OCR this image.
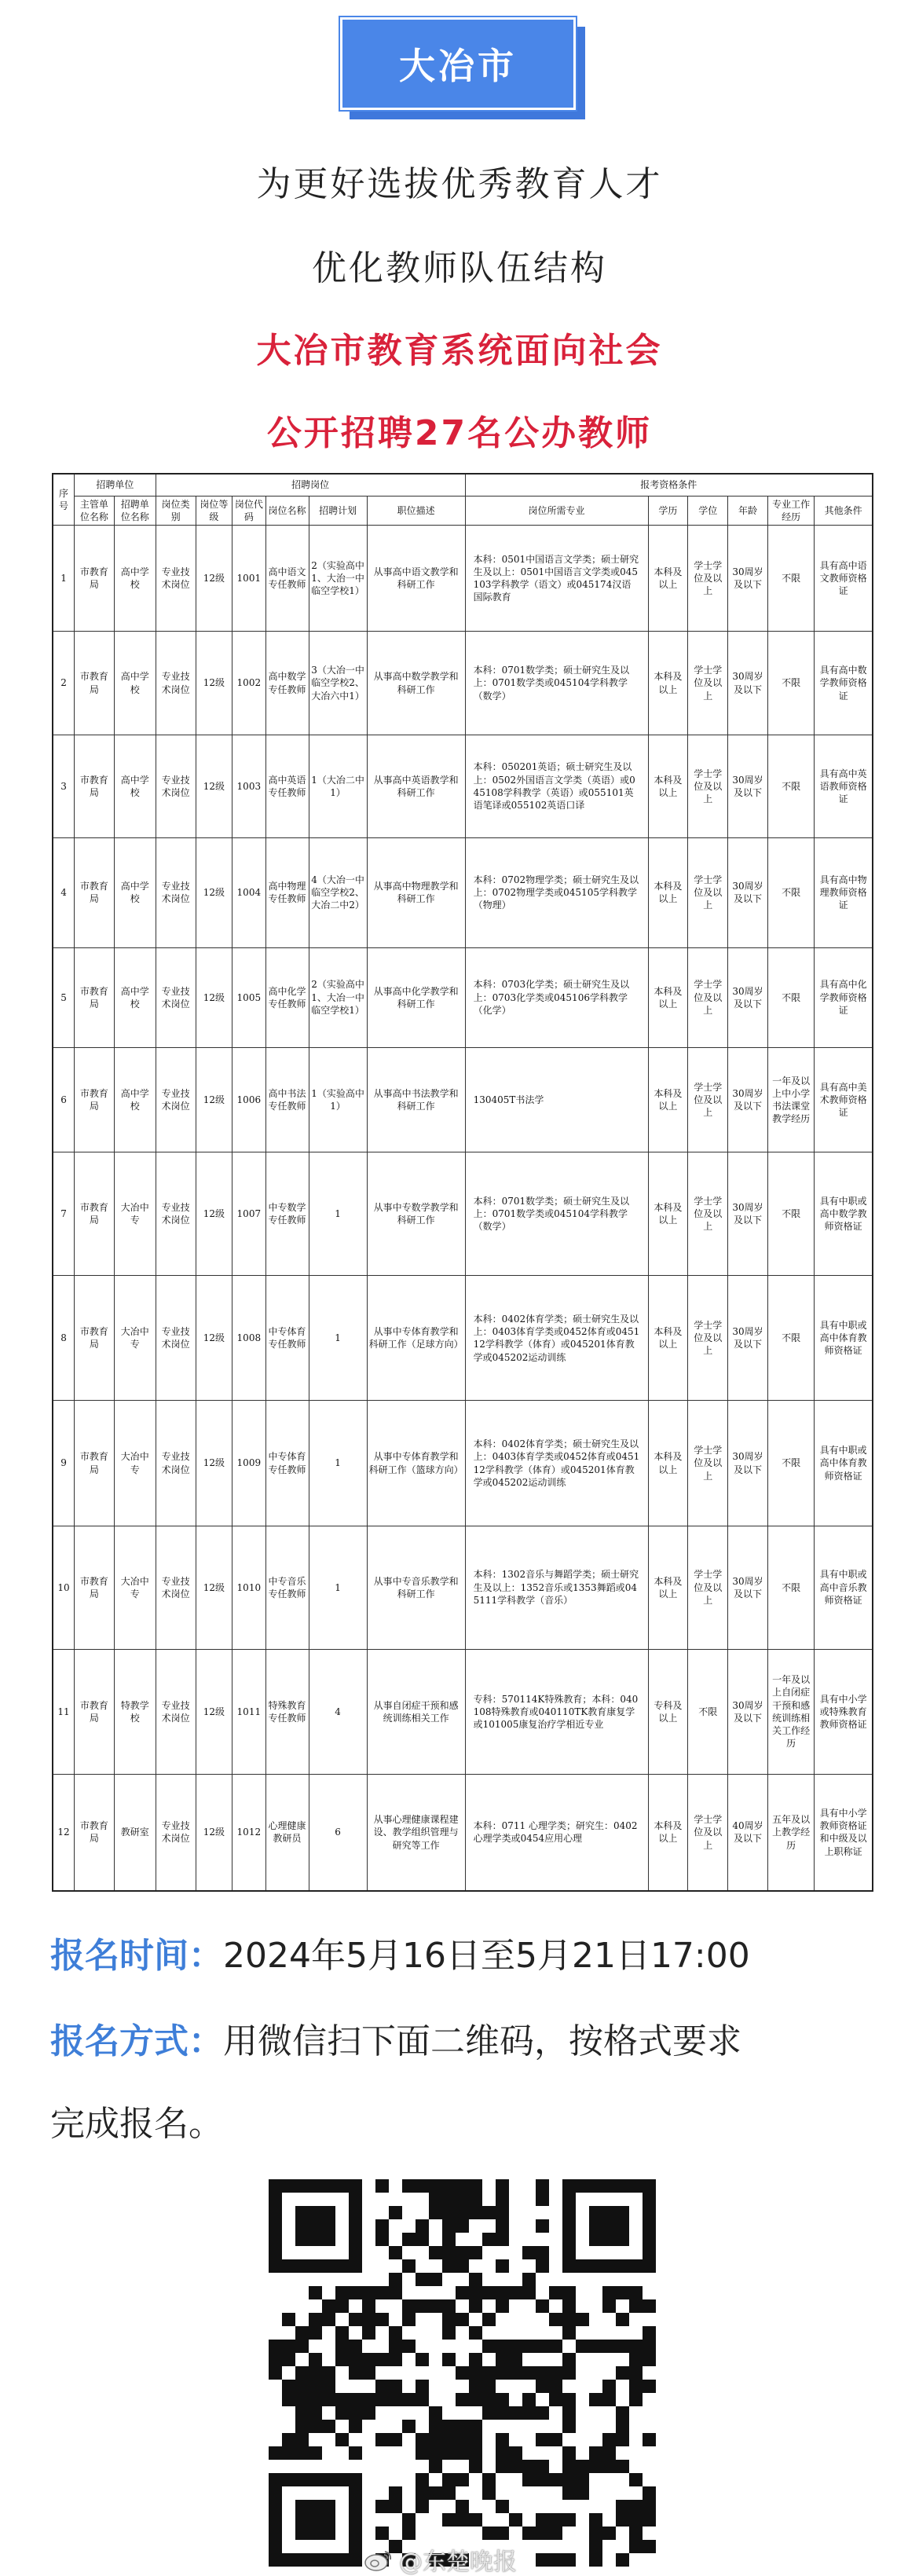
大冶市
为更好选拔优秀教育人才
优化教师队伍结构
大冶市教育系统面向社会
公开招聘27名公办教师
序号	招聘单位		招聘岗位						报考资格条件					
	主管单位名称	招聘单位名称	岗位类别	岗位等级	岗位代码	岗位名称	招聘计划	职位描述	岗位所需专业	学历	学位	年龄	专业工作经历	其他条件
1	市教育局	高中学校	专业技术岗位	12级	1001	高中语文专任教师	2（实验高中1、大治一中临空学校1）	从事高中语文教学和科研工作	本科：0501中国语言文学类；硕士研究生及以上：0501中国语言文学类或045103学科教学（语文）或045174汉语国际教育	本科及以上	学士学位及以上	30周岁及以下	不限	具有高中语文教师资格证
2	市教育局	高中学校	专业技术岗位	12级	1002	高中数学专任教师	3（大冶一中临空学校2、大冶六中1）	从事高中数学教学和科研工作	本科：0701数学类；硕士研究生及以上：0701数学类或045104学科教学（数学）	本科及以上	学士学位及以上	30周岁及以下	不限	具有高中数学教师资格证
3	市教育局	高中学校	专业技术岗位	12级	1003	高中英语专任教师	1（大冶二中1）	从事高中英语教学和科研工作	本科：050201英语；硕士研究生及以上：0502外国语言文学类（英语）或045108学科教学（英语）或055101英语笔译或055102英语口译	本科及以上	学士学位及以上	30周岁及以下	不限	具有高中英语教师资格证
4	市教育局	高中学校	专业技术岗位	12级	1004	高中物理专任教师	4（大冶一中临空学校2、大冶二中2）	从事高中物理教学和科研工作	本科：0702物理学类；硕士研究生及以上：0702物理学类或045105学科教学（物理）	本科及以上	学士学位及以上	30周岁及以下	不限	具有高中物理教师资格证
5	市教育局	高中学校	专业技术岗位	12级	1005	高中化学专任教师	2（实验高中1、大冶一中临空学校1）	从事高中化学教学和科研工作	本科：0703化学类；硕士研究生及以上：0703化学类或045106学科教学（化学）	本科及以上	学士学位及以上	30周岁及以下	不限	具有高中化学教师资格证
6	市教育局	高中学校	专业技术岗位	12级	1006	高中书法专任教师	1（实验高中1）	从事高中书法教学和科研工作	130405T书法学	本科及以上	学士学位及以上	30周岁及以下	一年及以上中小学书法课堂教学经历	具有高中美术教师资格证
7	市教育局	大冶中专	专业技术岗位	12级	1007	中专数学专任教师	1	从事中专数学教学和科研工作	本科：0701数学类；硕士研究生及以上：0701数学类或045104学科教学（数学）	本科及以上	学士学位及以上	30周岁及以下	不限	具有中职或高中数学教师资格证
8	市教育局	大冶中专	专业技术岗位	12级	1008	中专体育专任教师	1	从事中专体育教学和科研工作（足球方向）	本科：0402体育学类；硕士研究生及以上：0403体育学类或0452体育或045112学科教学（体育）或045201体育教学或045202运动训练	本科及以上	学士学位及以上	30周岁及以下	不限	具有中职或高中体育教师资格证
9	市教育局	大冶中专	专业技术岗位	12级	1009	中专体育专任教师	1	从事中专体育教学和科研工作（篮球方向）	本科：0402体育学类；硕士研究生及以上：0403体育学类或0452体育或045112学科教学（体育）或045201体育教学或045202运动训练	本科及以上	学士学位及以上	30周岁及以下	不限	具有中职或高中体育教师资格证
10	市教育局	大冶中专	专业技术岗位	12级	1010	中专音乐专任教师	1	从事中专音乐教学和科研工作	本科：1302音乐与舞蹈学类；硕士研究生及以上：1352音乐或1353舞蹈或045111学科教学（音乐）	本科及以上	学士学位及以上	30周岁及以下	不限	具有中职或高中音乐教师资格证
11	市教育局	特教学校	专业技术岗位	12级	1011	特殊教育专任教师	4	从事自闭症干预和感统训练相关工作	专科：570114K特殊教育；本科：040108特殊教育或040110TK教育康复学或101005康复治疗学相近专业	专科及以上	不限	30周岁及以下	一年及以上自闭症干预和感统训练相关工作经历	具有中小学或特殊教育教师资格证
12	市教育局	教研室	专业技术岗位	12级	1012	心理健康教研员	6	从事心理健康课程建设、教学组织管理与研究等工作	本科：0711 心理学类；研究生：0402 心理学类或0454应用心理	本科及以上	学士学位及以上	40周岁及以下	五年及以上教学经历	具有中小学教师资格证和中级及以上职称证
报名时间：2024年5月16日至5月21日17:00
报名方式：用微信扫下面二维码，按格式要求
完成报名。
@东楚晚报
